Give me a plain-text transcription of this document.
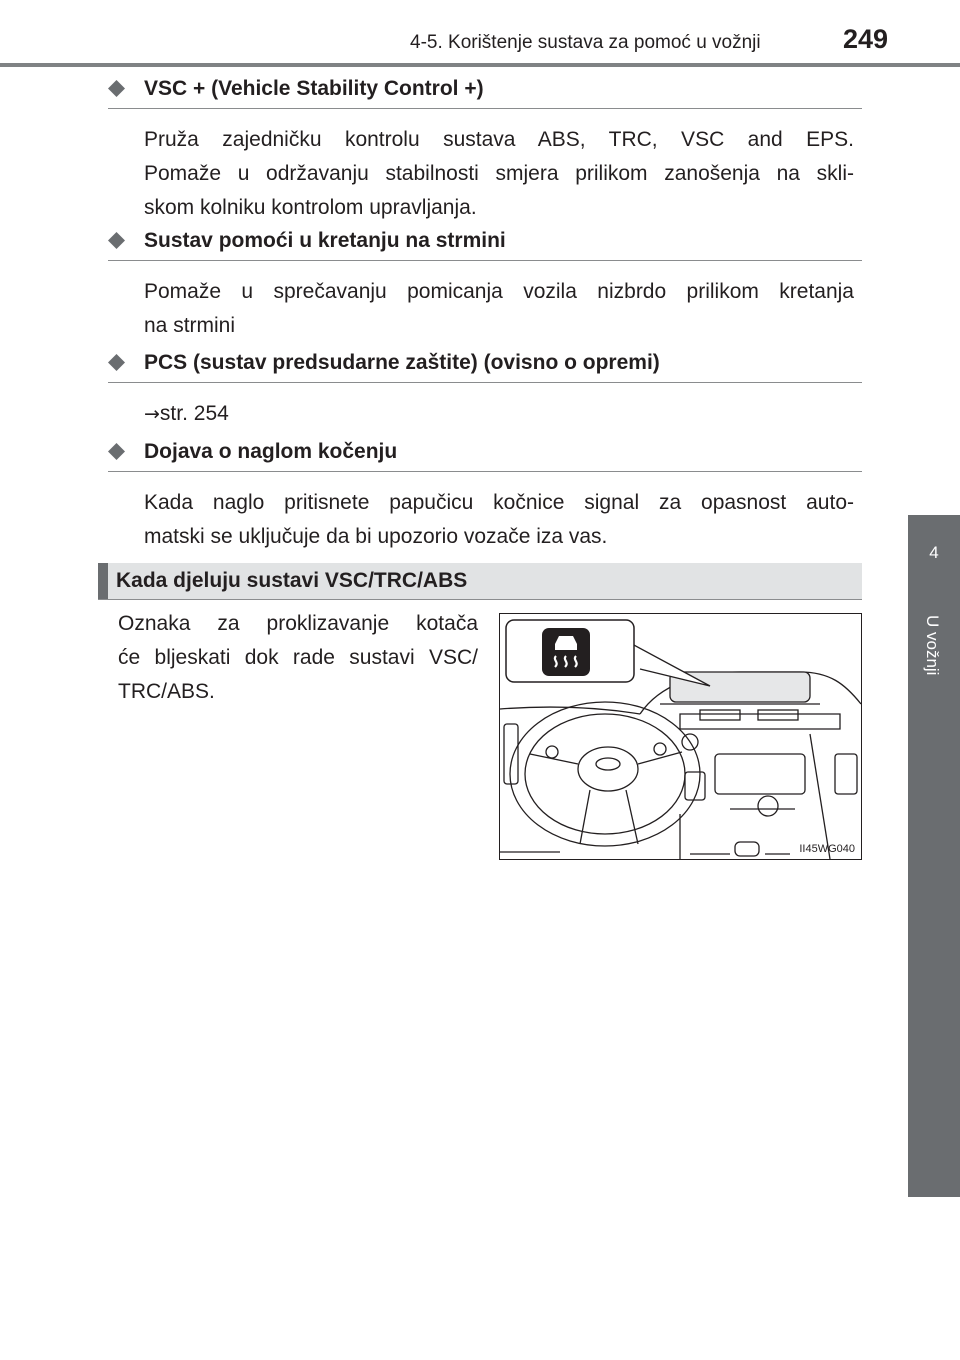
4-5. Korištenje sustava za pomoć u vožnji	249
4
U vožnji
VSC + (Vehicle Stability Control +)
Pruža zajedničku kontrolu sustava ABS, TRC, VSC and EPS.
Pomaže u održavanju stabilnosti smjera prilikom zanošenja na skli-
skom kolniku kontrolom upravljanja.
Sustav pomoći u kretanju na strmini
Pomaže u sprečavanju pomicanja vozila nizbrdo prilikom kretanja
na strmini
PCS (sustav predsudarne zaštite) (ovisno o opremi)
→str. 254
Dojava o naglom kočenju
Kada naglo pritisnete papučicu kočnice signal za opasnost auto-
matski se uključuje da bi upozorio vozače iza vas.
Kada djeluju sustavi VSC/TRC/ABS
Oznaka za proklizavanje kotača
će bljeskati dok rade sustavi VSC/
TRC/ABS.
II45WG040
